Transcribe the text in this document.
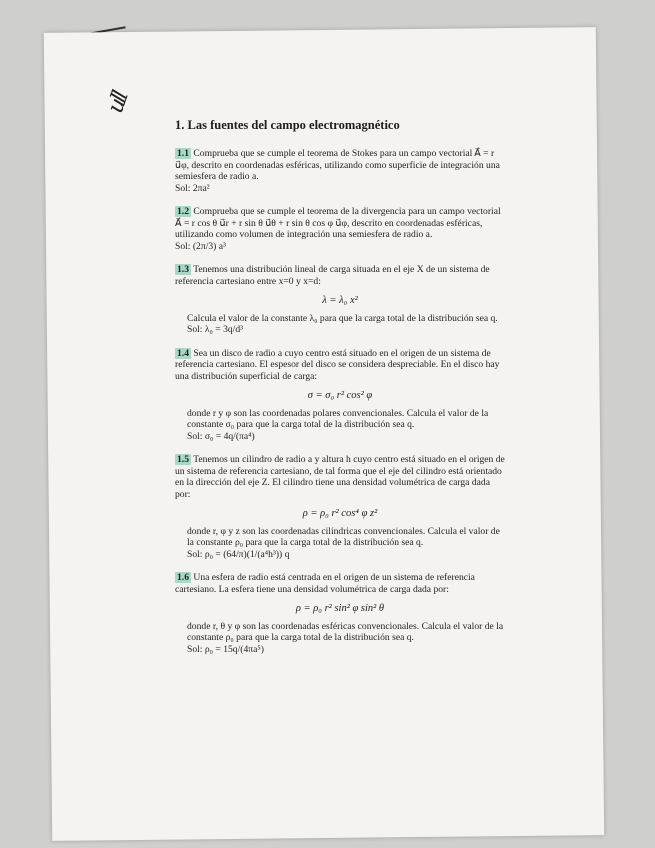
ull
1. Las fuentes del campo electromagnético

1.1 Comprueba que se cumple el teorema de Stokes para un campo vectorial A⃗ = r u⃗φ, descrito en coordenadas esféricas, utilizando como superficie de integración una semiesfera de radio a.

Sol: 2πa²

1.2 Comprueba que se cumple el teorema de la divergencia para un campo vectorial A⃗ = r cos θ u⃗r + r sin θ u⃗θ + r sin θ cos φ u⃗φ, descrito en coordenadas esféricas, utilizando como volumen de integración una semiesfera de radio a.

Sol: (2π/3) a³

1.3 Tenemos una distribución lineal de carga situada en el eje X de un sistema de referencia cartesiano entre x=0 y x=d:

λ = λ₀ x²

Calcula el valor de la constante λ₀ para que la carga total de la distribución sea q.

Sol: λ₀ = 3q/d³

1.4 Sea un disco de radio a cuyo centro está situado en el origen de un sistema de referencia cartesiano. El espesor del disco se considera despreciable. En el disco hay una distribución superficial de carga:

σ = σ₀ r² cos² φ

donde r y φ son las coordenadas polares convencionales. Calcula el valor de la constante σ₀ para que la carga total de la distribución sea q.

Sol: σ₀ = 4q/(πa⁴)

1.5 Tenemos un cilindro de radio a y altura h cuyo centro está situado en el origen de un sistema de referencia cartesiano, de tal forma que el eje del cilindro está orientado en la dirección del eje Z. El cilindro tiene una densidad volumétrica de carga dada por:

ρ = ρ₀ r² cos⁴ φ z²

donde r, φ y z son las coordenadas cilíndricas convencionales. Calcula el valor de la constante ρ₀ para que la carga total de la distribución sea q.

Sol: ρ₀ = (64/π)(1/(a⁴h³)) q

1.6 Una esfera de radio está centrada en el origen de un sistema de referencia cartesiano. La esfera tiene una densidad volumétrica de carga dada por:

ρ = ρ₀ r² sin² φ sin² θ

donde r, θ y φ son las coordenadas esféricas convencionales. Calcula el valor de la constante ρ₀ para que la carga total de la distribución sea q.

Sol: ρ₀ = 15q/(4πa⁵)
